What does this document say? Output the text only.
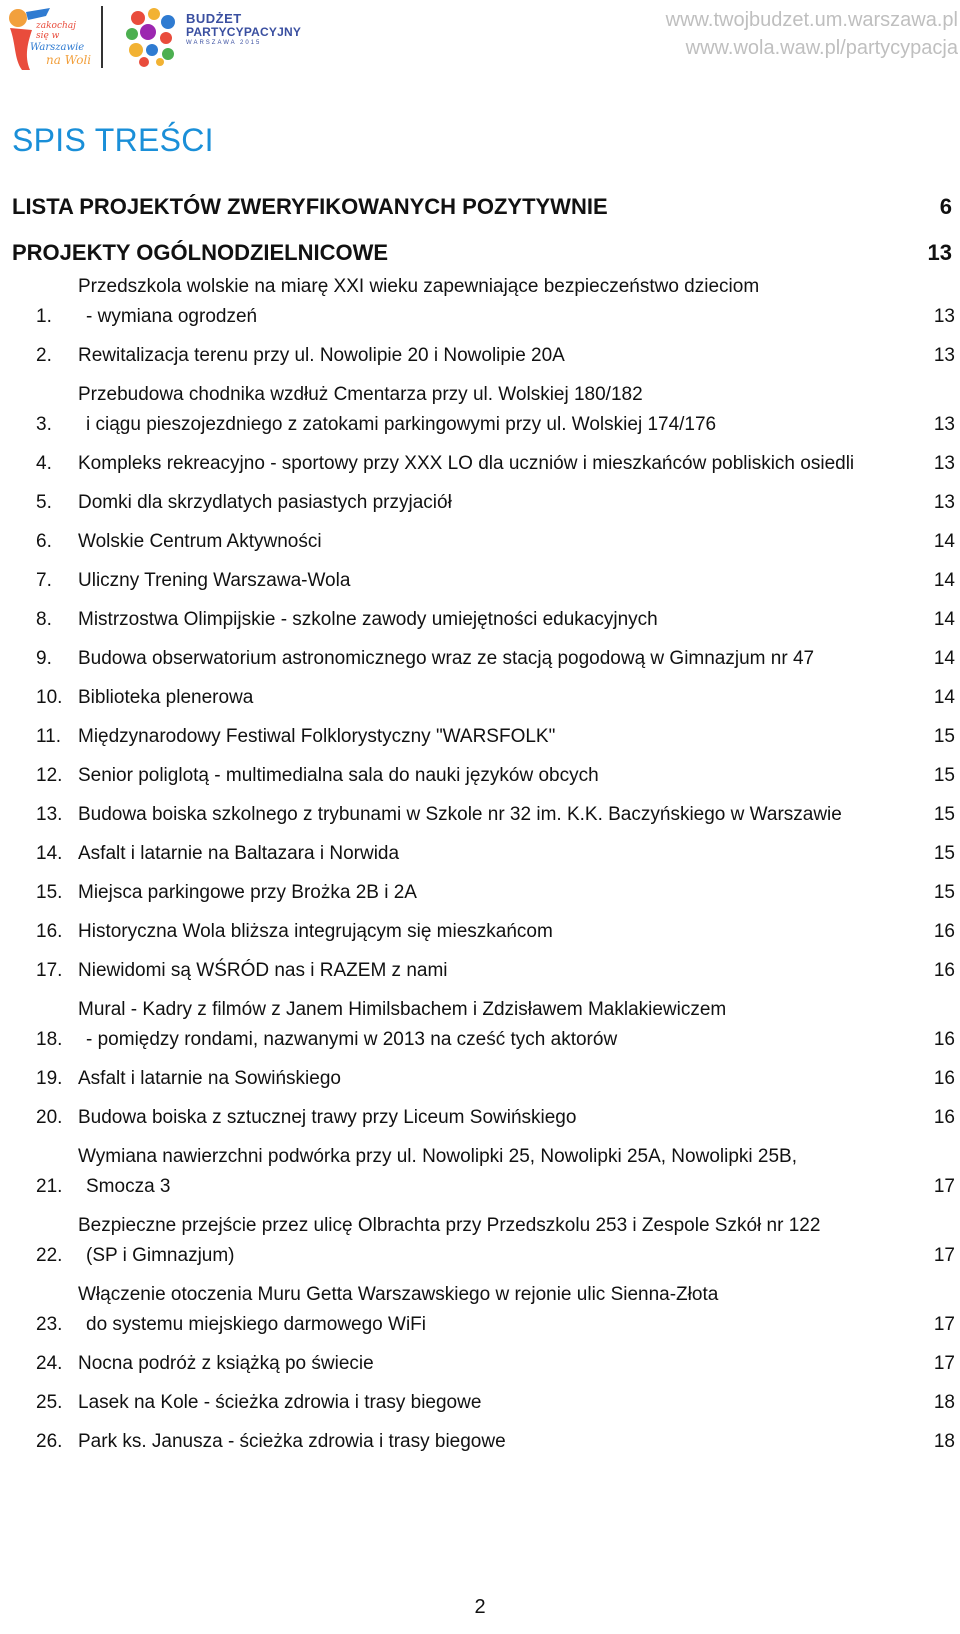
zakochaj
się w
Warszawie
na Woli
BUDŻET
PARTYCYPACYJNY
WARSZAWA 2015
www.twojbudzet.um.warszawa.pl
www.wola.waw.pl/partycypacja
SPIS TREŚCI
LISTA PROJEKTÓW ZWERYFIKOWANYCH POZYTYWNIE	6
PROJEKTY OGÓLNODZIELNICOWE	13
1.
Przedszkola wolskie na miarę XXI wieku zapewniające bezpieczeństwo dzieciom
- wymiana ogrodzeń	13
2.	Rewitalizacja terenu przy ul. Nowolipie 20 i Nowolipie 20A	13
3.
Przebudowa chodnika wzdłuż Cmentarza przy ul. Wolskiej 180/182
i ciągu pieszojezdniego z zatokami parkingowymi przy ul. Wolskiej 174/176	13
4.	Kompleks rekreacyjno - sportowy przy XXX LO dla uczniów i mieszkańców pobliskich osiedli	13
5.	Domki dla skrzydlatych pasiastych przyjaciół	13
6.	Wolskie Centrum Aktywności	14
7.	Uliczny Trening Warszawa-Wola	14
8.	Mistrzostwa Olimpijskie - szkolne zawody umiejętności edukacyjnych	14
9.	Budowa obserwatorium astronomicznego wraz ze stacją pogodową w Gimnazjum nr 47	14
10. Biblioteka plenerowa	14
11. Międzynarodowy Festiwal Folklorystyczny "WARSFOLK"	15
12. Senior poliglotą - multimedialna sala do nauki języków obcych	15
13. Budowa boiska szkolnego z trybunami w Szkole nr 32 im. K.K. Baczyńskiego w Warszawie	15
14. Asfalt i latarnie na Baltazara i Norwida	15
15. Miejsca parkingowe przy Brożka 2B i 2A	15
16. Historyczna Wola bliższa integrującym się mieszkańcom	16
17. Niewidomi są WŚRÓD nas i RAZEM z nami	16
18.
Mural - Kadry z filmów z Janem Himilsbachem i Zdzisławem Maklakiewiczem
- pomiędzy rondami, nazwanymi w 2013 na cześć tych aktorów	16
19. Asfalt i latarnie na Sowińskiego	16
20. Budowa boiska z sztucznej trawy przy Liceum Sowińskiego	16
21.
Wymiana nawierzchni podwórka przy ul. Nowolipki 25, Nowolipki 25A, Nowolipki 25B,
Smocza 3	17
22.
Bezpieczne przejście przez ulicę Olbrachta przy Przedszkolu 253 i Zespole Szkół nr 122
(SP i Gimnazjum)	17
23.
Włączenie otoczenia Muru Getta Warszawskiego w rejonie ulic Sienna-Złota
do systemu miejskiego darmowego WiFi	17
24. Nocna podróż z książką po świecie	17
25. Lasek na Kole - ścieżka zdrowia i trasy biegowe	18
26. Park ks. Janusza - ścieżka zdrowia i trasy biegowe	18
2
